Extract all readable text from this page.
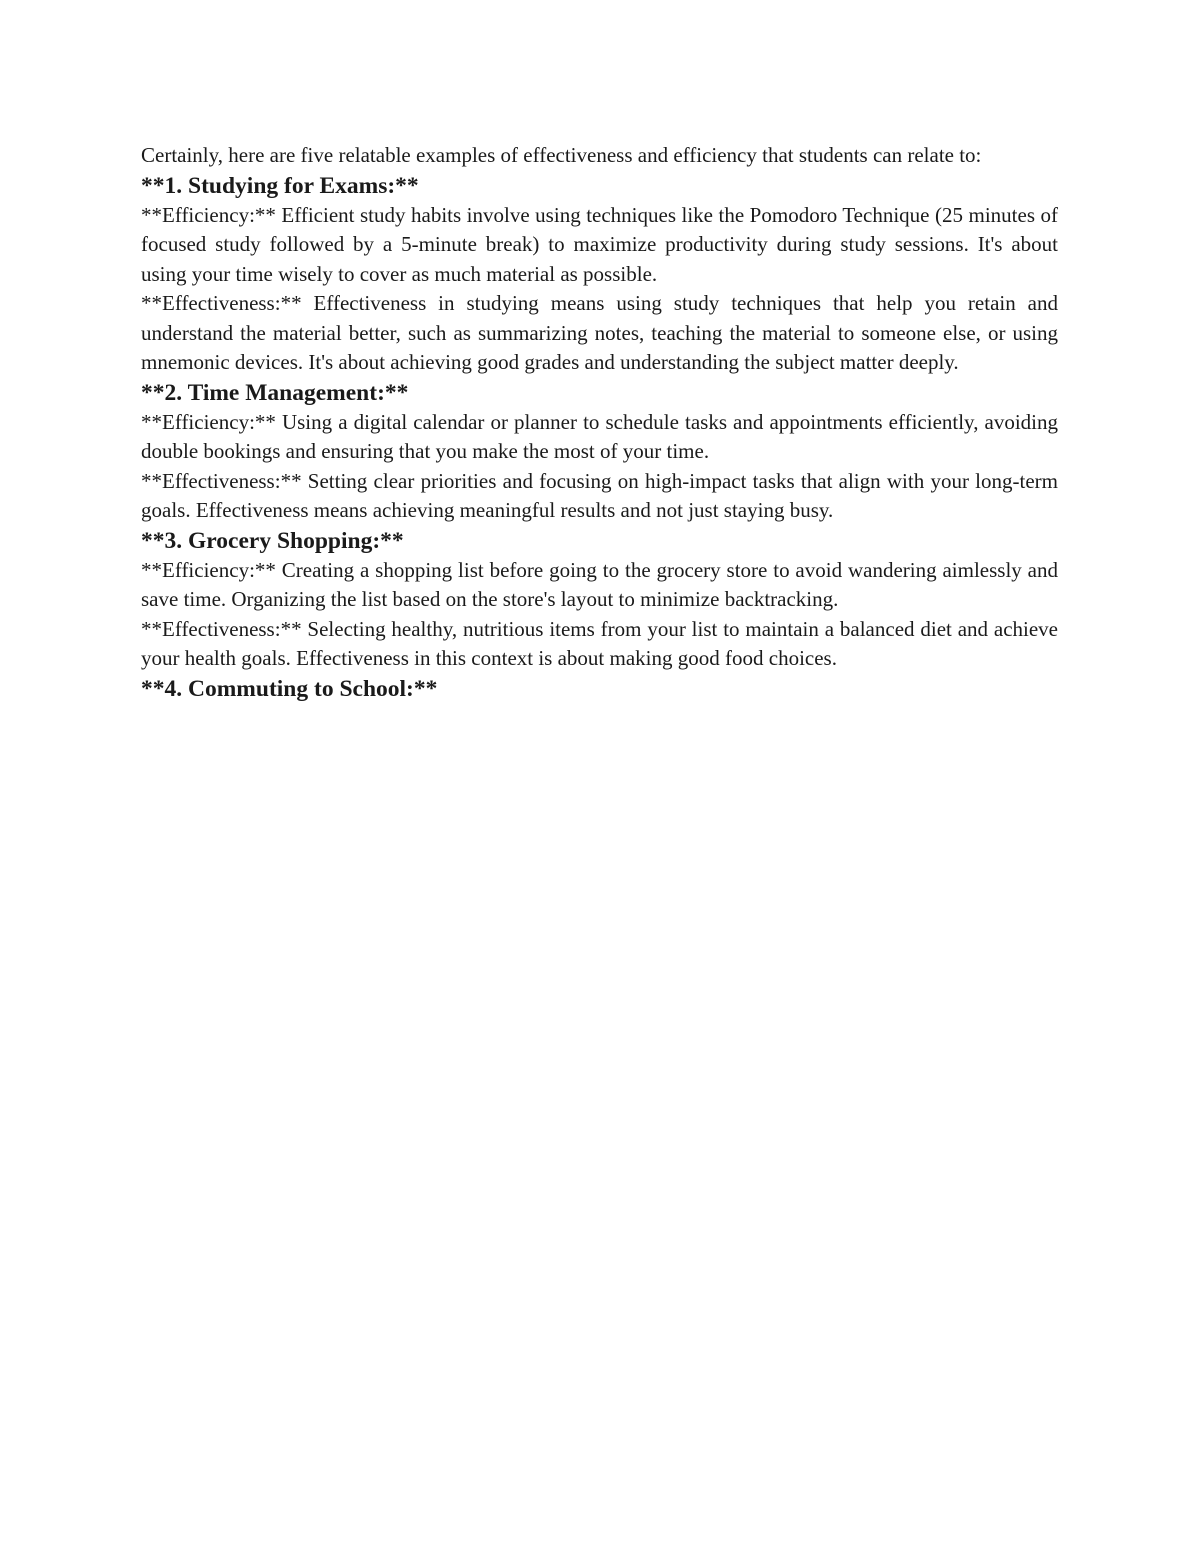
Certainly, here are five relatable examples of effectiveness and efficiency that students can relate to:

**1. Studying for Exams:**

**Efficiency:** Efficient study habits involve using techniques like the Pomodoro Technique (25 minutes of focused study followed by a 5-minute break) to maximize productivity during study sessions. It's about using your time wisely to cover as much material as possible.

**Effectiveness:** Effectiveness in studying means using study techniques that help you retain and understand the material better, such as summarizing notes, teaching the material to someone else, or using mnemonic devices. It's about achieving good grades and understanding the subject matter deeply.

**2. Time Management:**

**Efficiency:** Using a digital calendar or planner to schedule tasks and appointments efficiently, avoiding double bookings and ensuring that you make the most of your time.

**Effectiveness:** Setting clear priorities and focusing on high-impact tasks that align with your long-term goals. Effectiveness means achieving meaningful results and not just staying busy.

**3. Grocery Shopping:**

**Efficiency:** Creating a shopping list before going to the grocery store to avoid wandering aimlessly and save time. Organizing the list based on the store's layout to minimize backtracking.

**Effectiveness:** Selecting healthy, nutritious items from your list to maintain a balanced diet and achieve your health goals. Effectiveness in this context is about making good food choices.

**4. Commuting to School:**
